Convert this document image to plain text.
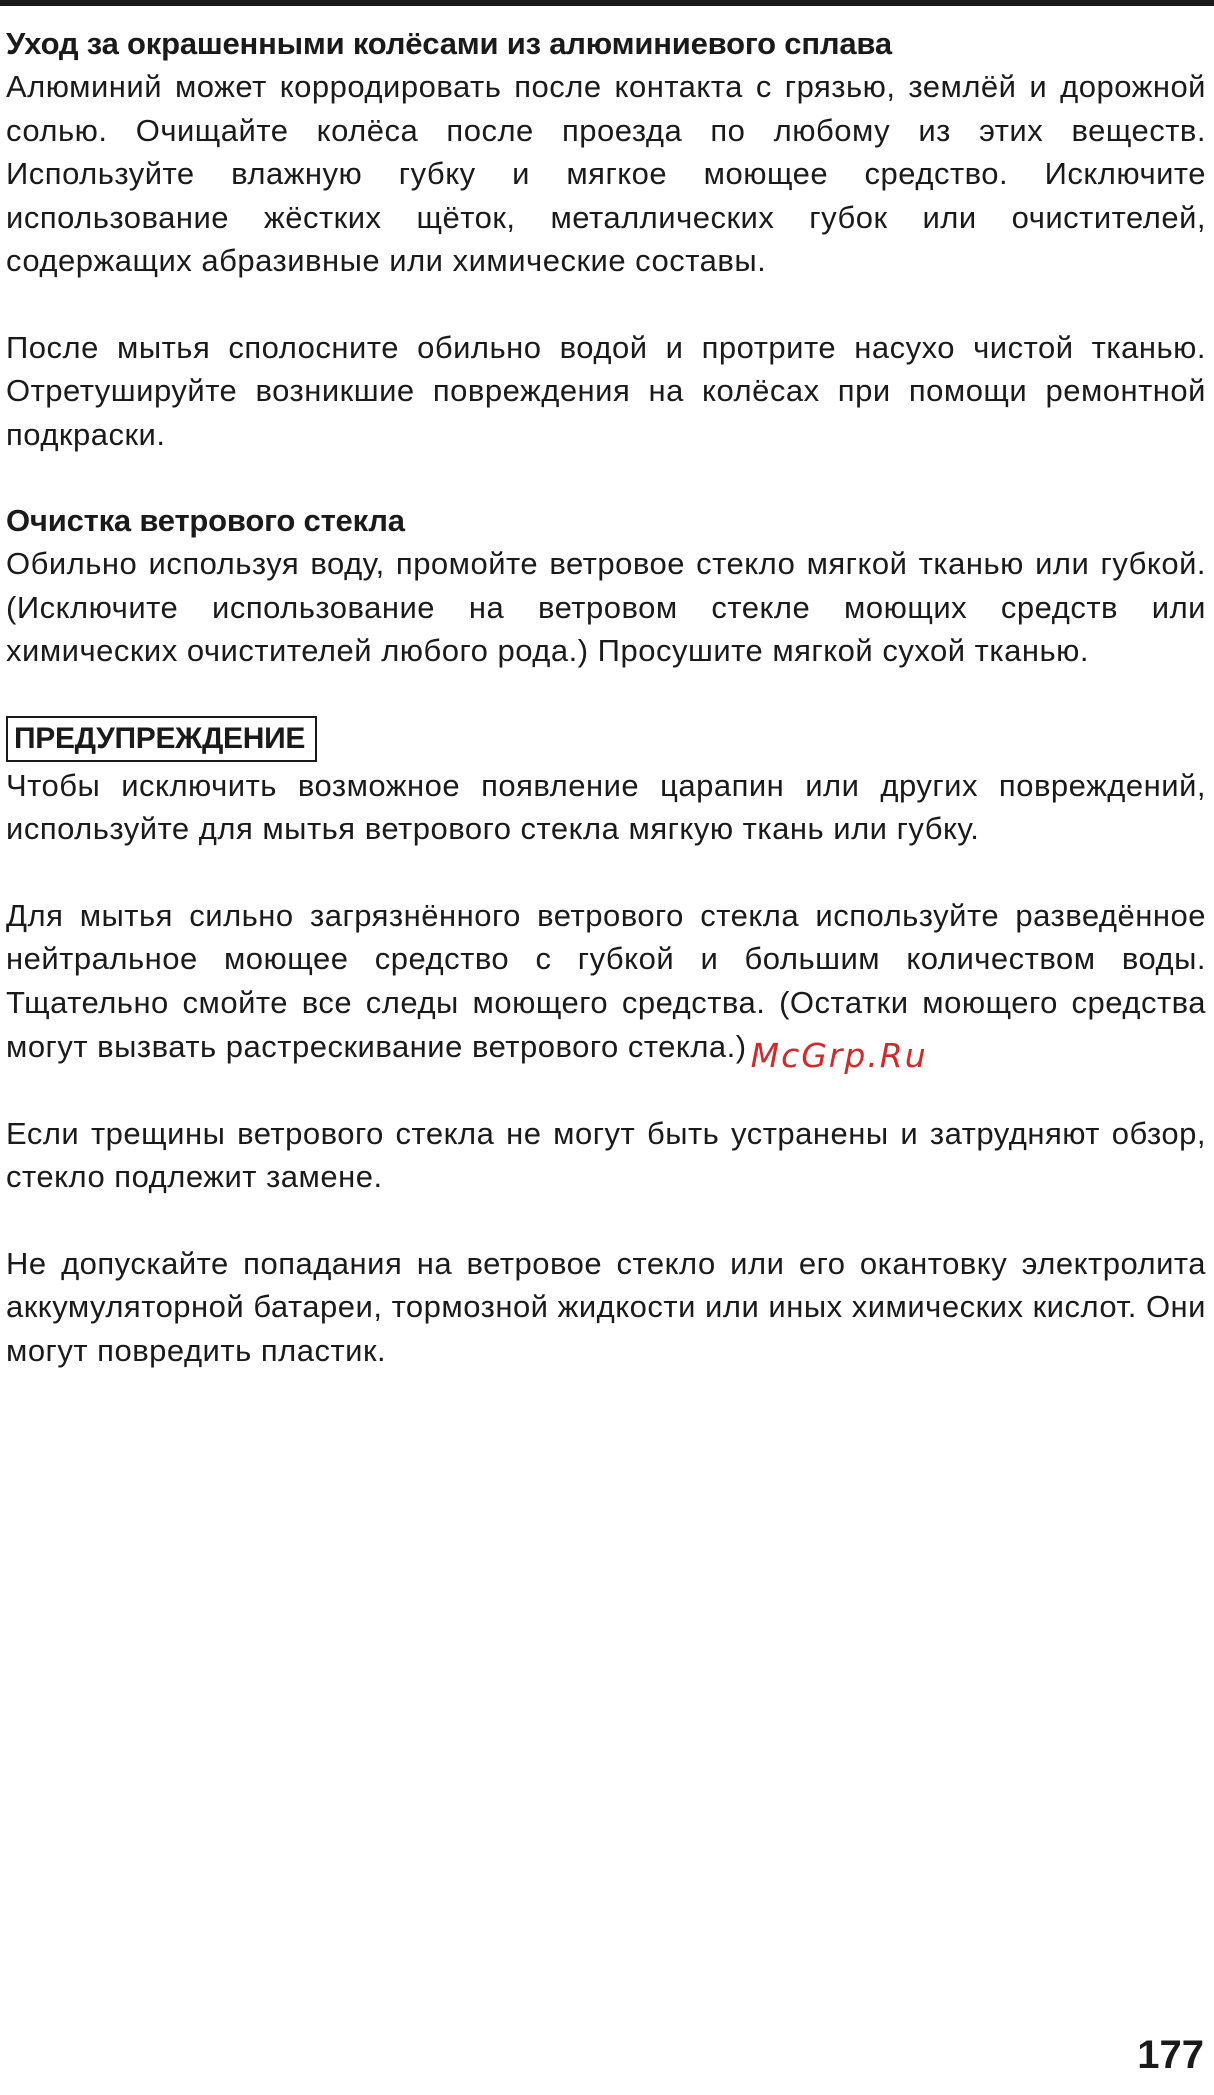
Уход за окрашенными колёсами из алюминиевого сплава

Алюминий может корродировать после контакта с грязью, землёй и дорожной солью. Очищайте колёса после проезда по любому из этих веществ. Используйте влажную губку и мягкое моющее средство. Исключите использование жёстких щёток, металлических губок или очистителей, содержащих абразивные или химические составы.

После мытья сполосните обильно водой и протрите насухо чистой тканью. Отретушируйте возникшие повреждения на колёсах при помощи ремонтной подкраски.

Очистка ветрового стекла

Обильно используя воду, промойте ветровое стекло мягкой тканью или губкой. (Исключите использование на ветровом стекле моющих средств или химических очистителей любого рода.) Просушите мягкой сухой тканью.

ПРЕДУПРЕЖДЕНИЕ

Чтобы исключить возможное появление царапин или других повреждений, используйте для мытья ветрового стекла мягкую ткань или губку.

Для мытья сильно загрязнённого ветрового стекла используйте разведённое нейтральное моющее средство с губкой и большим количеством воды. Тщательно смойте все следы моющего средства. (Остатки моющего средства могут вызвать растрескивание ветрового стекла.) McGrp.Ru

Если трещины ветрового стекла не могут быть устранены и затрудняют обзор, стекло подлежит замене.

Не допускайте попадания на ветровое стекло или его окантовку электролита аккумуляторной батареи, тормозной жидкости или иных химических кислот. Они могут повредить пластик.

177
